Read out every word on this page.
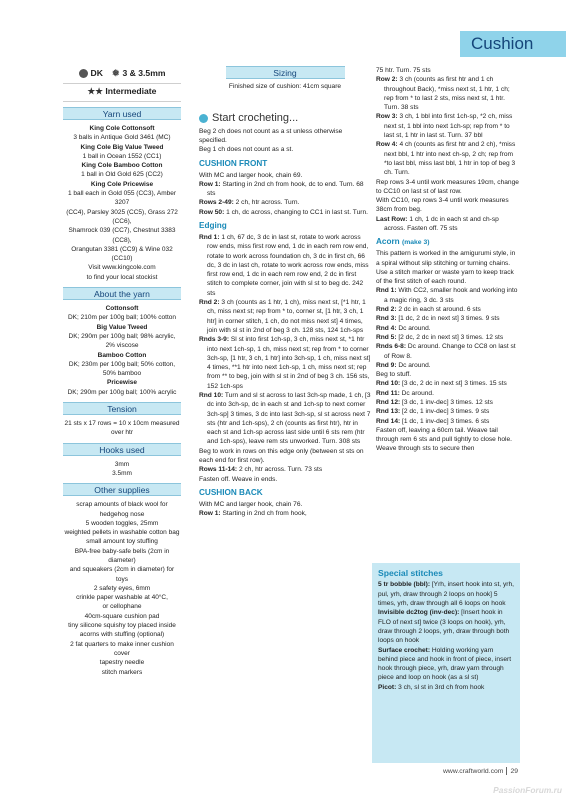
Cushion
DK ❅ 3 & 3.5mm
★★ Intermediate
Yarn used

King Cole Cottonsoft

3 balls in Antique Gold 3461 (MC)

King Cole Big Value Tweed

1 ball in Ocean 1552 (CC1)

King Cole Bamboo Cotton

1 ball in Old Gold 625 (CC2)

King Cole Pricewise

1 ball each in Gold 055 (CC3), Amber 3207

(CC4), Parsley 3025 (CC5), Grass 272 (CC6),

Shamrock 039 (CC7), Chestnut 3383 (CC8),

Orangutan 3381 (CC9) & Wine 032 (CC10)

Visit www.kingcole.com

to find your local stockist

About the yarn

Cottonsoft

DK; 210m per 100g ball; 100% cotton

Big Value Tweed

DK; 290m per 100g ball; 98% acrylic,

2% viscose

Bamboo Cotton

DK; 230m per 100g ball; 50% cotton,

50% bamboo

Pricewise

DK; 290m per 100g ball; 100% acrylic

Tension

21 sts x 17 rows = 10 x 10cm measured

over htr

Hooks used

3mm

3.5mm

Other supplies

scrap amounts of black wool for

hedgehog nose

5 wooden toggles, 25mm

weighted pellets in washable cotton bag

small amount toy stuffing

BPA-free baby-safe bells (2cm in diameter)

and squeakers (2cm in diameter) for toys

2 safety eyes, 6mm

crinkle paper washable at 40°C,

or cellophane

40cm-square cushion pad

tiny silicone squishy toy placed inside

acorns with stuffing (optional)

2 fat quarters to make inner cushion cover

tapestry needle

stitch markers

Sizing
Finished size of cushion: 41cm square
Start crocheting...

Beg 2 ch does not count as a st unless otherwise specified.

Beg 1 ch does not count as a st.

CUSHION FRONT

With MC and larger hook, chain 69.

Row 1: Starting in 2nd ch from hook, dc to end. Turn. 68 sts

Rows 2-49: 2 ch, htr across. Turn.

Row 50: 1 ch, dc across, changing to CC1 in last st. Turn.

Edging

Rnd 1: 1 ch, 67 dc, 3 dc in last st, rotate to work across row ends, miss first row end, 1 dc in each rem row end, rotate to work across foundation ch, 3 dc in first ch, 66 dc, 3 dc in last ch, rotate to work across row ends, miss first row end, 1 dc in each rem row end, 2 dc in first stitch to complete corner, join with sl st to beg dc. 242 sts

Rnd 2: 3 ch (counts as 1 htr, 1 ch), miss next st, [*1 htr, 1 ch, miss next st; rep from * to, corner st, [1 htr, 3 ch, 1 htr] in corner stitch, 1 ch, do not miss next st] 4 times, join with sl st in 2nd of beg 3 ch. 128 sts, 124 1ch-sps

Rnds 3-9: Sl st into first 1ch-sp, 3 ch, miss next st, *1 htr into next 1ch-sp, 1 ch, miss next st; rep from * to corner 3ch-sp, [1 htr, 3 ch, 1 htr] into 3ch-sp, 1 ch, miss next st] 4 times, **1 htr into next 1ch-sp, 1 ch, miss next st; rep from ** to beg, join with sl st in 2nd of beg 3 ch. 156 sts, 152 1ch-sps

Rnd 10: Turn and sl st across to last 3ch-sp made, 1 ch, [3 dc into 3ch-sp, dc in each st and 1ch-sp to next corner 3ch-sp] 3 times, 3 dc into last 3ch-sp, sl st across next 7 sts (htr and 1ch-sps), 2 ch (counts as first htr), htr in each st and 1ch-sp across last side until 6 sts rem (htr and 1ch-sps), leave rem sts unworked. Turn. 308 sts

Beg to work in rows on this edge only (between st sts on each end for first row).

Rows 11-14: 2 ch, htr across. Turn. 73 sts

Fasten off. Weave in ends.

CUSHION BACK

With MC and larger hook, chain 76.

Row 1: Starting in 2nd ch from hook,

75 htr. Turn. 75 sts

Row 2: 3 ch (counts as first htr and 1 ch throughout Back), *miss next st, 1 htr, 1 ch; rep from * to last 2 sts, miss next st, 1 htr. Turn. 38 sts

Row 3: 3 ch, 1 bbl into first 1ch-sp, *2 ch, miss next st, 1 bbl into next 1ch-sp; rep from * to last st, 1 htr in last st. Turn. 37 bbl

Row 4: 4 ch (counts as first htr and 2 ch), *miss next bbl, 1 htr into next ch-sp, 2 ch; rep from *to last bbl, miss last bbl, 1 htr in top of beg 3 ch. Turn.

Rep rows 3-4 until work measures 19cm, change to CC10 on last st of last row.

With CC10, rep rows 3-4 until work measures 38cm from beg.

Last Row: 1 ch, 1 dc in each st and ch-sp across. Fasten off. 75 sts

Acorn (make 3)

This pattern is worked in the amigurumi style, in a spiral without slip stitching or turning chains. Use a stitch marker or waste yarn to keep track of the first stitch of each round.

Rnd 1: With CC2, smaller hook and working into a magic ring, 3 dc. 3 sts

Rnd 2: 2 dc in each st around. 6 sts

Rnd 3: [1 dc, 2 dc in next st] 3 times. 9 sts

Rnd 4: Dc around.

Rnd 5: [2 dc, 2 dc in next st] 3 times. 12 sts

Rnds 6-8: Dc around. Change to CC8 on last st of Row 8.

Rnd 9: Dc around.

Beg to stuff.

Rnd 10: [3 dc, 2 dc in next st] 3 times. 15 sts

Rnd 11: Dc around.

Rnd 12: [3 dc, 1 inv-dec] 3 times. 12 sts

Rnd 13: [2 dc, 1 inv-dec] 3 times. 9 sts

Rnd 14: [1 dc, 1 inv-dec] 3 times. 6 sts

Fasten off, leaving a 60cm tail. Weave tail through rem 6 sts and pull tightly to close hole. Weave through sts to secure then

Special stitches

5 tr bobble (bbl): [Yrh, insert hook into st, yrh, pul, yrh, draw through 2 loops on hook] 5 times, yrh, draw through all 6 loops on hook

Invisible dc2tog (inv-dec): [Insert hook in FLO of next st] twice (3 loops on hook), yrh, draw through 2 loops, yrh, draw through both loops on hook

Surface crochet: Holding working yarn behind piece and hook in front of piece, insert hook through piece, yrh, draw yarn through piece and loop on hook (as a sl st)

Picot: 3 ch, sl st in 3rd ch from hook

www.craftworld.com 29
PassionForum.ru
